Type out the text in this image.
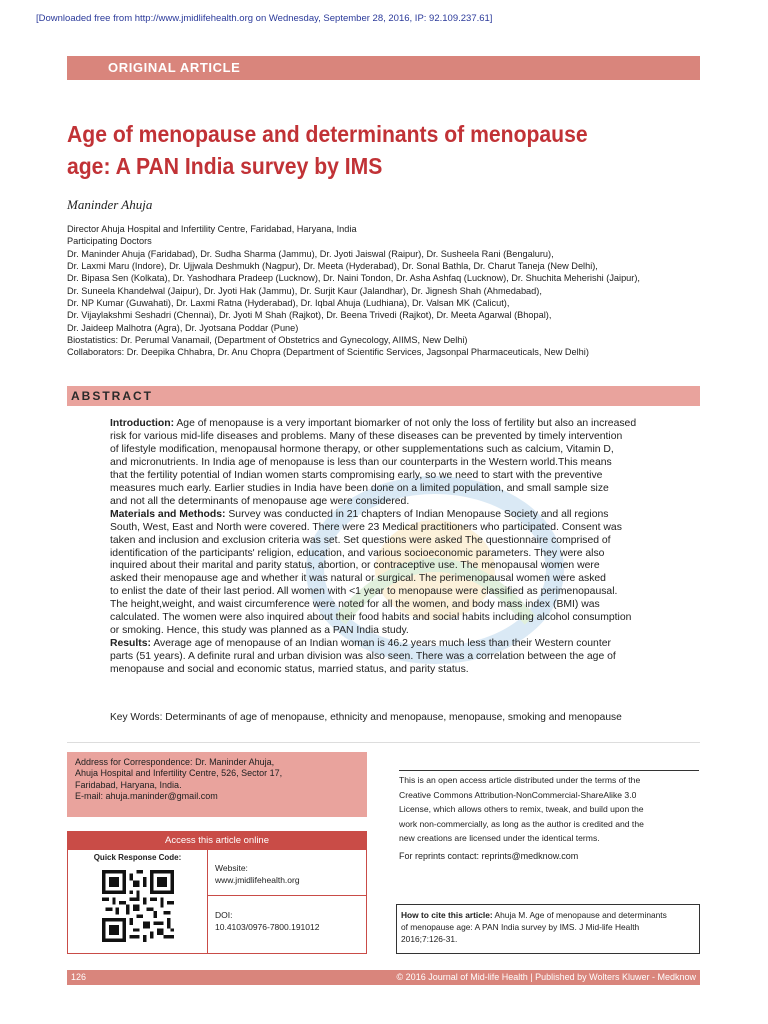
[Downloaded free from http://www.jmidlifehealth.org on Wednesday, September 28, 2016, IP: 92.109.237.61]
ORIGINAL ARTICLE
Age of menopause and determinants of menopause
age: A PAN India survey by IMS
Maninder Ahuja
Director Ahuja Hospital and Infertility Centre, Faridabad, Haryana, India
Participating Doctors
Dr. Maninder Ahuja (Faridabad), Dr. Sudha Sharma (Jammu), Dr. Jyoti Jaiswal (Raipur), Dr. Susheela Rani (Bengaluru),
Dr. Laxmi Maru (Indore), Dr. Ujjwala Deshmukh (Nagpur), Dr. Meeta (Hyderabad), Dr. Sonal Bathla, Dr. Charut Taneja (New Delhi),
Dr. Bipasa Sen (Kolkata), Dr. Yashodhara Pradeep (Lucknow), Dr. Naini Tondon, Dr. Asha Ashfaq (Lucknow), Dr. Shuchita Meherishi (Jaipur),
Dr. Suneela Khandelwal (Jaipur), Dr. Jyoti Hak (Jammu), Dr. Surjit Kaur (Jalandhar), Dr. Jignesh Shah (Ahmedabad),
Dr. NP Kumar (Guwahati), Dr. Laxmi Ratna (Hyderabad), Dr. Iqbal Ahuja (Ludhiana), Dr. Valsan MK (Calicut),
Dr. Vijaylakshmi Seshadri (Chennai), Dr. Jyoti M Shah (Rajkot), Dr. Beena Trivedi (Rajkot), Dr. Meeta Agarwal (Bhopal),
Dr. Jaideep Malhotra (Agra), Dr. Jyotsana Poddar (Pune)
Biostatistics: Dr. Perumal Vanamail, (Department of Obstetrics and Gynecology, AIIMS, New Delhi)
Collaborators: Dr. Deepika Chhabra, Dr. Anu Chopra (Department of Scientific Services, Jagsonpal Pharmaceuticals, New Delhi)
ABSTRACT
Introduction: Age of menopause is a very important biomarker of not only the loss of fertility but also an increased
risk for various mid-life diseases and problems. Many of these diseases can be prevented by timely intervention
of lifestyle modification, menopausal hormone therapy, or other supplementations such as calcium, Vitamin D,
and micronutrients. In India age of menopause is less than our counterparts in the Western world.This means
that the fertility potential of Indian women starts compromising early, so we need to start with the preventive
measures much early. Earlier studies in India have been done on a limited population, and small sample size
and not all the determinants of menopause age were considered.
Materials and Methods: Survey was conducted in 21 chapters of Indian Menopause Society and all regions
South, West, East and North were covered. There were 23 Medical practitioners who participated. Consent was
taken and inclusion and exclusion criteria was set. Set questions were asked The questionnaire comprised of
identification of the participants' religion, education, and various socioeconomic parameters. They were also
inquired about their marital and parity status, abortion, or contraceptive use. The menopausal women were
asked their menopause age and whether it was natural or surgical. The perimenopausal women were asked
to enlist the date of their last period. All women with <1 year to menopause were classified as perimenopausal.
The height,weight, and waist circumference were noted for all the women, and body mass index (BMI) was
calculated. The women were also inquired about their food habits and social habits including alcohol consumption
or smoking. Hence, this study was planned as a PAN India study.
Results: Average age of menopause of an Indian woman is 46.2 years much less than their Western counter
parts (51 years). A definite rural and urban division was also seen. There was a correlation between the age of
menopause and social and economic status, married status, and parity status.
Key Words: Determinants of age of menopause, ethnicity and menopause, menopause, smoking and menopause
Address for Correspondence: Dr. Maninder Ahuja,
Ahuja Hospital and Infertility Centre, 526, Sector 17,
Faridabad, Haryana, India.
E-mail: ahuja.maninder@gmail.com
Access this article online
Quick Response Code:
Website:
www.jmidlifehealth.org
DOI:
10.4103/0976-7800.191012
This is an open access article distributed under the terms of the
Creative Commons Attribution-NonCommercial-ShareAlike 3.0
License, which allows others to remix, tweak, and build upon the
work non-commercially, as long as the author is credited and the
new creations are licensed under the identical terms.
For reprints contact: reprints@medknow.com
How to cite this article: Ahuja M. Age of menopause and determinants
of menopause age: A PAN India survey by IMS. J Mid-life Health
2016;7:126-31.
126	© 2016 Journal of Mid-life Health | Published by Wolters Kluwer - Medknow
